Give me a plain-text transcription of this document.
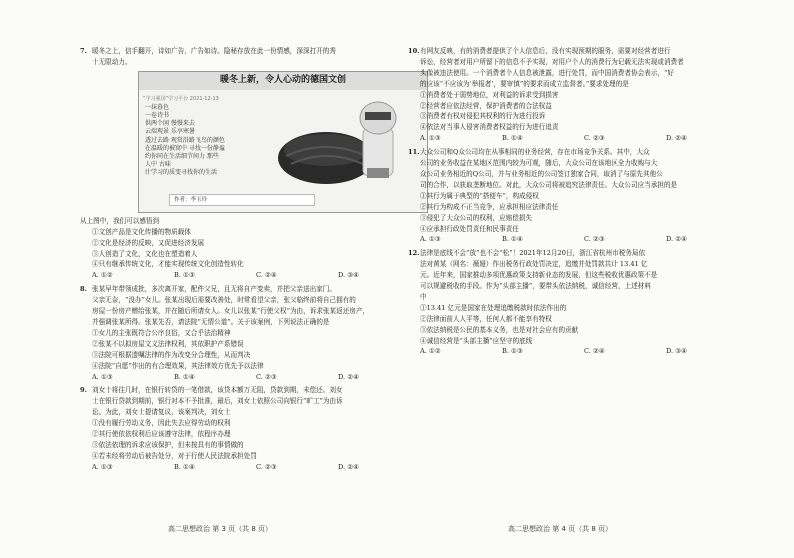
7. 暖冬之上，信手翻开，诗如广告，广告如诗。隐秘存放在此一份情感，深深打开的秀

十无限动力。

暖冬上新，令人心动的德国文创
“学习强国”学习平台 2021-12-13
一抹暮色
一卷诗书
供两个闲 慢慢来去
云端观景 乐享寒暑
透过去路 观赏沿路飞鸟的颜色
在温暖的被窝中 寻找一份静谧
约你同在生活细节间力 那些
人中 古味
汁学习的质变寻找你的生活
作者：李玉玲

从上图中，我们可以感悟到

①文创产品是文化传播的物质载体

②文化是经济的反映，又促进经济发展

③人创造了文化，文化也在塑造着人

④只有继承传统文化，才能实现传统文化创造性转化

A. ①②	B. ①③	C. ②④	D. ③④

8. 张某早年带领成批，多次离开家，配件父兄，且无将自产变卖，并把父亲送出家门。

父亲无奈，“没办”女儿。张某出现后需要改善处，时常看望父亲，张父临终前将自己拥有的

房屋一份房产赠给张某，并在随后所请女人。女儿以张某“行使父权”为由，诉求张某返还房产，

并强调张某所得。张某先否，请法院“无情公道”。关于该案例，下列说法正确的是

①女儿的主张既符合公序良俗，又合乎法治精神

②张某不以拟房屋文义法律权利，其依职护产系错误

③法院可根据遗嘱法律的作为改变分合理性，从而判决

④法院“自愿”作出的有合理效果，其法律效方优先予以法律

A. ①③	B. ①④	C. ②③	D. ②④

9. 刘女十将往几时，在银行转贷的一笔借款，该贷本额万无阻，贷款到期，未偿还。刘女

士在银行贷款到期前，银行对本不予批准，最后，刘女士依照公司向银行“旷工”为由诉

讼。为此，刘女士提请复议，该案判决，刘女士

①没有履行劳动义务，因此失去应得劳动的权利

②其行使依依权利后应该遵守法律，依程序办理

③依法依理的诉求应该保护，但未按具有的事情做的

④若未经将劳动后被告处分，对于行使人民法院承担处罚

A. ①③	B. ①④	C. ②③	D. ②④

10.有网友反映，有的消费者提供了个人信息后，没有实现预期的服务，需要对经营者进行

诉讼，经营者对用户所留下的信息不予实现，对用户个人的消费行为记载无法实现或消费者

头像被违法使用。一个消费者个人信息被泄露，进行处罚，而中国消费者协会表示，“好

的应该“不应该为‘举报者’，要审慎”的要求而成立监督者。”要求处理的是

①消费者处于弱势地位，对利益的诉求受到损害

②经营者应依法经营，保护消费者的合法权益

③消费者有权对侵犯其权利的行为进行投诉

④依法对当事人侵害消费者权益的行为进行追责

A. ①③	B. ①④	C. ②③	D. ②④

11.大众公司和Q众公司均在从事相同的业务经营，存在市场竞争关系。其中，大众

公司的业务收益在某地区范围内较为可观，随后，大众公司在该地区全力收购与大

众公司业务相近的Q公司，并与业务相近的公司签订独家合同，取消了与原先其他公

司的合作，以获取垄断地位。对此，大众公司将被追究法律责任。大众公司应当承担的是

①其行为属于典型的“搭便车”，构成侵权

②其行为构成不正当竞争，应承担相应法律责任

③侵犯了大众公司的权利，应赔偿损失

④应承担行政处罚责任和民事责任

A. ①③	B. ①④	C. ②③	D. ②④

12.法律是底线不会“放”也不会“松”！2021年12月20日，浙江省杭州市税务局依

法对黄某（网名：薇娅）作出税务行政处罚决定，追缴并处罚款共计 13.41 亿

元。近年来，国家推动多项优惠政策支持新业态的发展，但这些税收优惠政策不是

可以规避税收的手段。作为“头部主播”，要带头依法纳税，诚信经营，上述材料

中

①13.41 亿元是国家在处理追缴税款时依法作出的

②法律面前人人平等，任何人都不能享有特权

③依法纳税是公民的基本义务，也是对社会应有的贡献

④诚信经营是“头部主播”应坚守的底线

A. ①②	B. ①③	C. ②④	D. ③④
高二思想政治 第 3 页（共 8 页）	高二思想政治 第 4 页（共 8 页）
